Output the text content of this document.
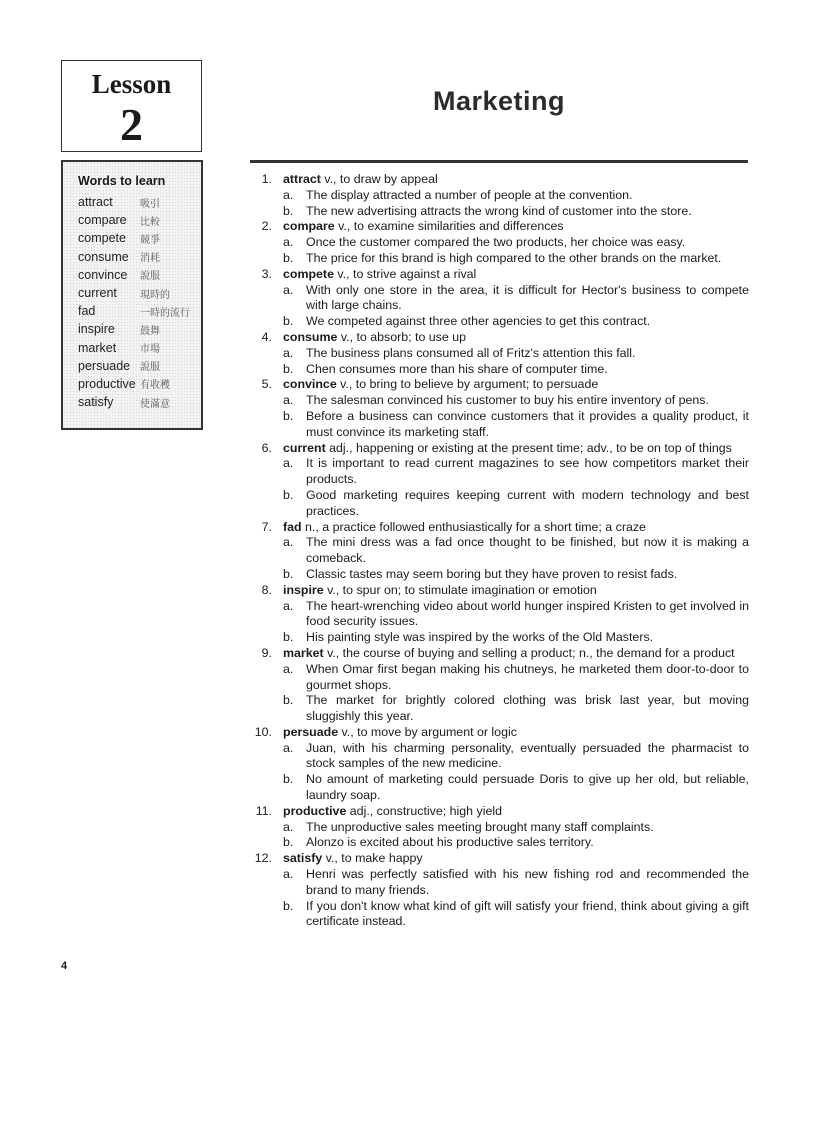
Lesson
2	Marketing
Words to learn
attract	吸引
compare	比較
compete	競爭
consume	消耗
convince	說服
current	現時的
fad	一時的流行
inspire	鼓舞
market	市場
persuade 說服
productive 有收穫
satisfy	使滿意
1. attract v., to draw by appeal
a. The display attracted a number of people at the convention.
b. The new advertising attracts the wrong kind of customer into the store.
2. compare v., to examine similarities and differences
a. Once the customer compared the two products, her choice was easy.
b. The price for this brand is high compared to the other brands on the market.
3. compete v., to strive against a rival
a. With only one store in the area, it is difficult for Hector's business to compete with large chains.
b. We competed against three other agencies to get this contract.
4. consume v., to absorb; to use up
a. The business plans consumed all of Fritz's attention this fall.
b. Chen consumes more than his share of computer time.
5. convince v., to bring to believe by argument; to persuade
a. The salesman convinced his customer to buy his entire inventory of pens.
b. Before a business can convince customers that it provides a quality product, it must convince its marketing staff.
6. current adj., happening or existing at the present time; adv., to be on top of things
a. It is important to read current magazines to see how competitors market their products.
b. Good marketing requires keeping current with modern technology and best practices.
7. fad n., a practice followed enthusiastically for a short time; a craze
a. The mini dress was a fad once thought to be finished, but now it is making a comeback.
b. Classic tastes may seem boring but they have proven to resist fads.
8. inspire v., to spur on; to stimulate imagination or emotion
a. The heart-wrenching video about world hunger inspired Kristen to get involved in food security issues.
b. His painting style was inspired by the works of the Old Masters.
9. market v., the course of buying and selling a product; n., the demand for a product
a. When Omar first began making his chutneys, he marketed them door-to-door to gourmet shops.
b. The market for brightly colored clothing was brisk last year, but moving sluggishly this year.
10. persuade v., to move by argument or logic
a. Juan, with his charming personality, eventually persuaded the pharmacist to stock samples of the new medicine.
b. No amount of marketing could persuade Doris to give up her old, but reliable, laundry soap.
11. productive adj., constructive; high yield
a. The unproductive sales meeting brought many staff complaints.
b. Alonzo is excited about his productive sales territory.
12. satisfy v., to make happy
a. Henri was perfectly satisfied with his new fishing rod and recommended the brand to many friends.
b. If you don't know what kind of gift will satisfy your friend, think about giving a gift certificate instead.
4
